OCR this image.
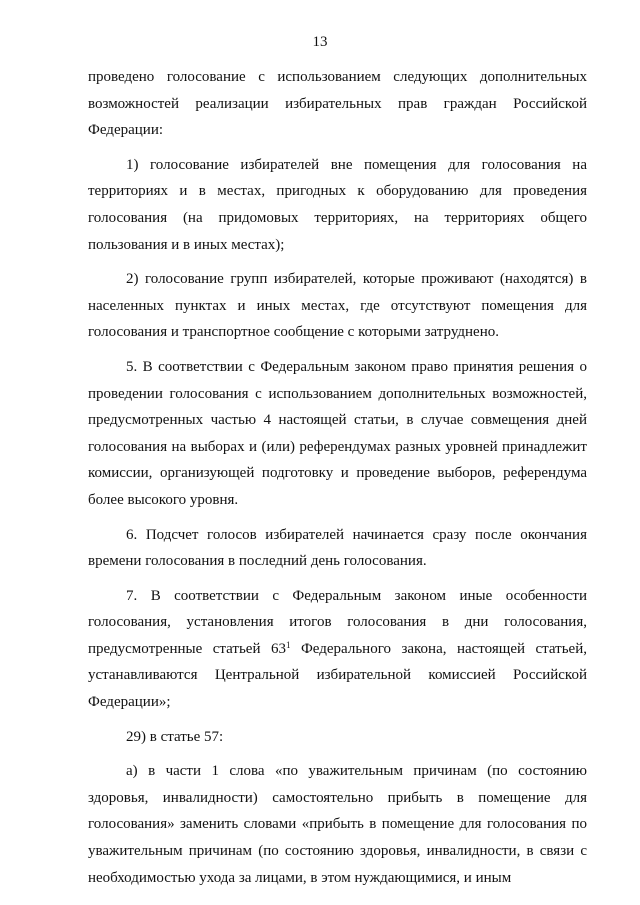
13

проведено голосование с использованием следующих дополнительных возможностей реализации избирательных прав граждан Российской Федерации:

1) голосование избирателей вне помещения для голосования на территориях и в местах, пригодных к оборудованию для проведения голосования (на придомовых территориях, на территориях общего пользования и в иных местах);

2) голосование групп избирателей, которые проживают (находятся) в населенных пунктах и иных местах, где отсутствуют помещения для голосования и транспортное сообщение с которыми затруднено.

5. В соответствии с Федеральным законом право принятия решения о проведении голосования с использованием дополнительных возможностей, предусмотренных частью 4 настоящей статьи, в случае совмещения дней голосования на выборах и (или) референдумах разных уровней принадлежит комиссии, организующей подготовку и проведение выборов, референдума более высокого уровня.

6. Подсчет голосов избирателей начинается сразу после окончания времени голосования в последний день голосования.

7. В соответствии с Федеральным законом иные особенности голосования, установления итогов голосования в дни голосования, предусмотренные статьей $63^1$ Федерального закона, настоящей статьей, устанавливаются Центральной избирательной комиссией Российской Федерации»;

29) в статье 57:

а) в части 1 слова «по уважительным причинам (по состоянию здоровья, инвалидности) самостоятельно прибыть в помещение для голосования» заменить словами «прибыть в помещение для голосования по уважительным причинам (по состоянию здоровья, инвалидности, в связи с необходимостью ухода за лицами, в этом нуждающимися, и иным
